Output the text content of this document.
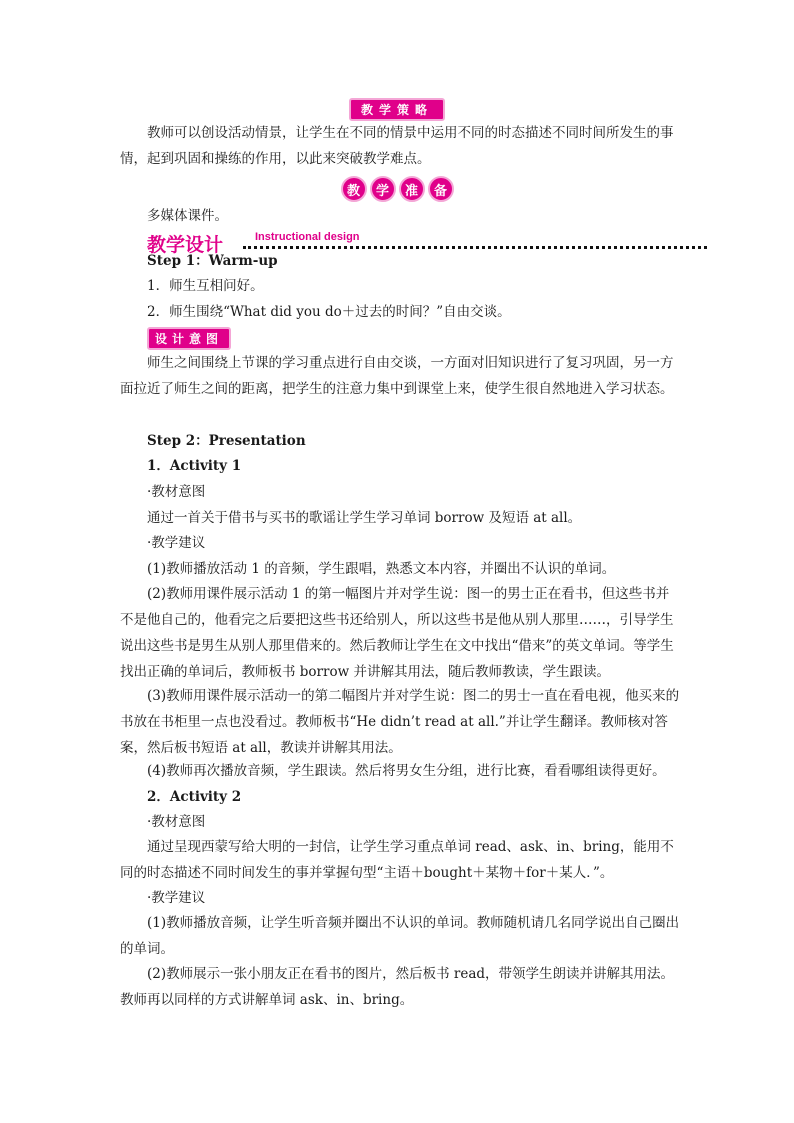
教学策略

教师可以创设活动情景，让学生在不同的情景中运用不同的时态描述不同时间所发生的事情，起到巩固和操练的作用，以此来突破教学难点。

教	学	准	备

多媒体课件。

教学设计	Instructional design

Step 1：Warm-up

1．师生互相问好。

2．师生围绕“What did you do＋过去的时间？”自由交谈。

设计意图

师生之间围绕上节课的学习重点进行自由交谈，一方面对旧知识进行了复习巩固，另一方面拉近了师生之间的距离，把学生的注意力集中到课堂上来，使学生很自然地进入学习状态。

Step 2：Presentation

1．Activity 1

·教材意图

通过一首关于借书与买书的歌谣让学生学习单词 borrow 及短语 at all。

·教学建议

(1)教师播放活动 1 的音频，学生跟唱，熟悉文本内容，并圈出不认识的单词。

(2)教师用课件展示活动 1 的第一幅图片并对学生说：图一的男士正在看书，但这些书并不是他自己的，他看完之后要把这些书还给别人，所以这些书是他从别人那里……，引导学生说出这些书是男生从别人那里借来的。然后教师让学生在文中找出“借来”的英文单词。等学生找出正确的单词后，教师板书 borrow 并讲解其用法，随后教师教读，学生跟读。

(3)教师用课件展示活动一的第二幅图片并对学生说：图二的男士一直在看电视，他买来的书放在书柜里一点也没看过。教师板书“He didn’t read at all.”并让学生翻译。教师核对答案，然后板书短语 at all，教读并讲解其用法。

(4)教师再次播放音频，学生跟读。然后将男女生分组，进行比赛，看看哪组读得更好。

2．Activity 2

·教材意图

通过呈现西蒙写给大明的一封信，让学生学习重点单词 read、ask、in、bring，能用不同的时态描述不同时间发生的事并掌握句型“主语＋bought＋某物＋for＋某人．”。

·教学建议

(1)教师播放音频，让学生听音频并圈出不认识的单词。教师随机请几名同学说出自己圈出的单词。

(2)教师展示一张小朋友正在看书的图片，然后板书 read，带领学生朗读并讲解其用法。教师再以同样的方式讲解单词 ask、in、bring。
